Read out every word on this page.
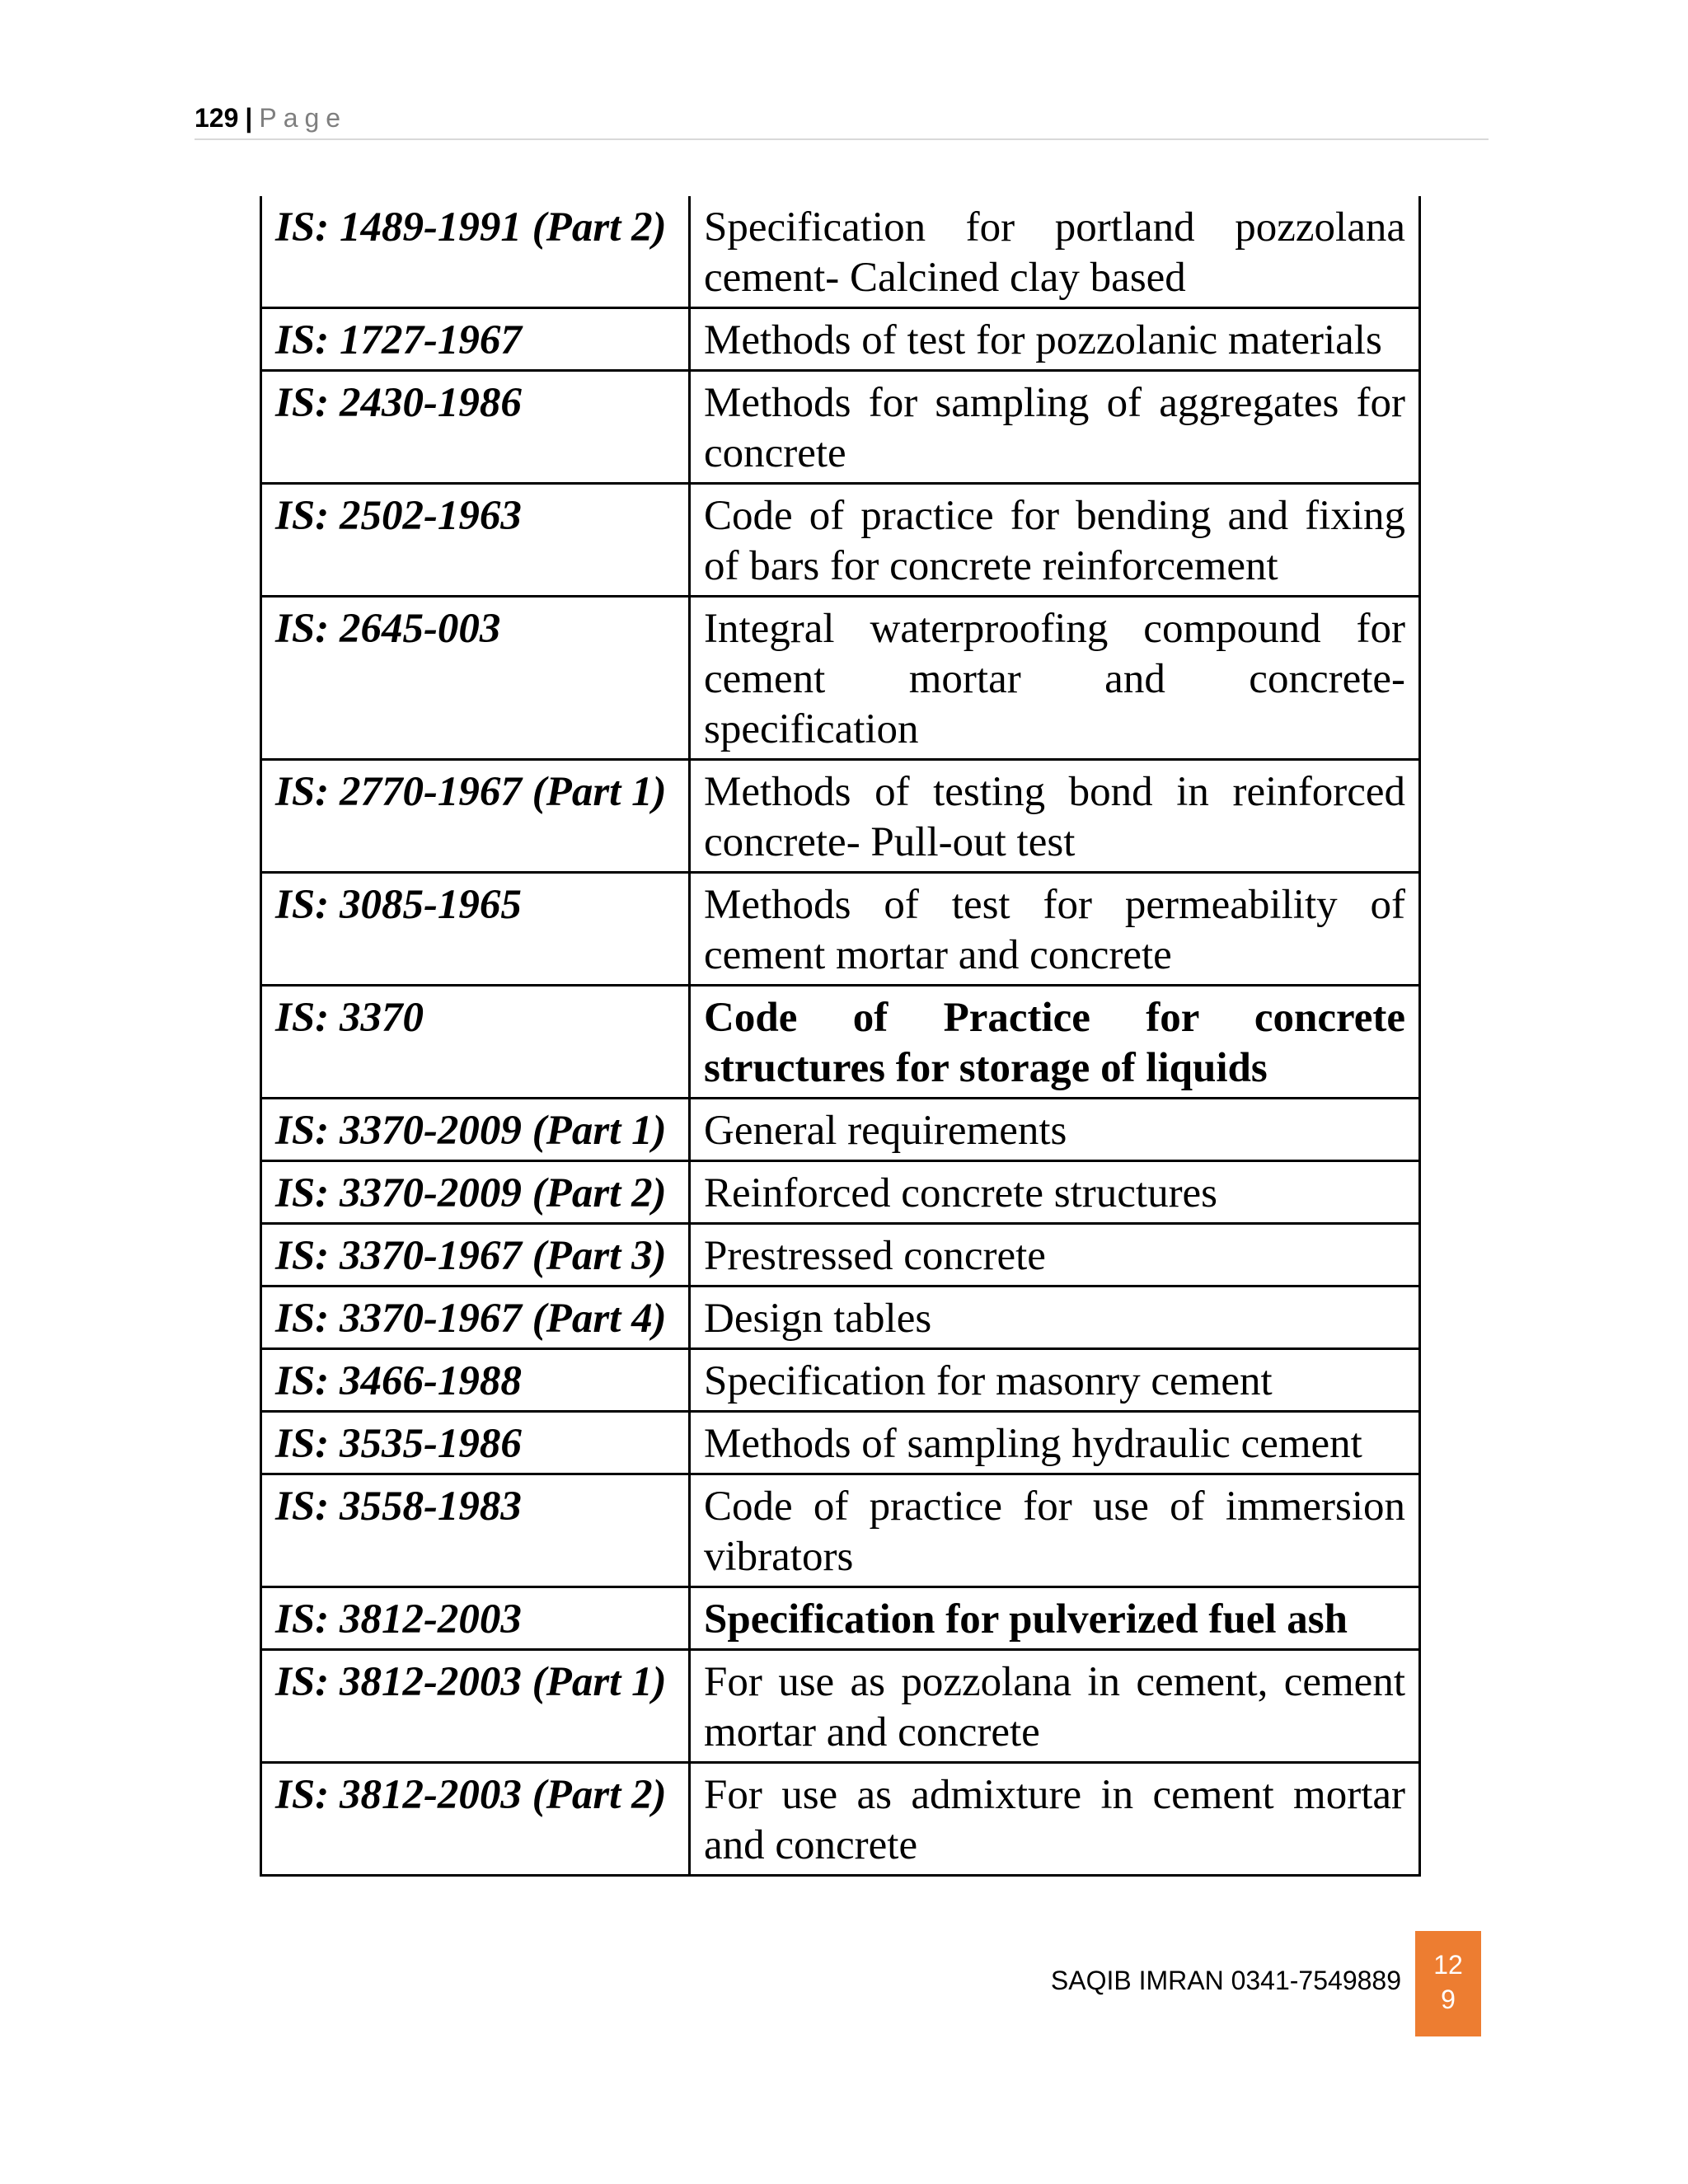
129 | Page
IS: 1489-1991 (Part 2)	Specification for portland pozzolana cement- Calcined clay based
IS: 1727-1967	Methods of test for pozzolanic materials
IS: 2430-1986	Methods for sampling of aggregates for concrete
IS: 2502-1963	Code of practice for bending and fixing of bars for concrete reinforcement
IS: 2645-003	Integral waterproofing compound for cement mortar and concrete- specification
IS: 2770-1967 (Part 1)	Methods of testing bond in reinforced concrete- Pull-out test
IS: 3085-1965	Methods of test for permeability of cement mortar and concrete
IS: 3370	Code of Practice for concrete structures for storage of liquids
IS: 3370-2009 (Part 1)	General requirements
IS: 3370-2009 (Part 2)	Reinforced concrete structures
IS: 3370-1967 (Part 3)	Prestressed concrete
IS: 3370-1967 (Part 4)	Design tables
IS: 3466-1988	Specification for masonry cement
IS: 3535-1986	Methods of sampling hydraulic cement
IS: 3558-1983	Code of practice for use of immersion vibrators
IS: 3812-2003	Specification for pulverized fuel ash
IS: 3812-2003 (Part 1)	For use as pozzolana in cement, cement mortar and concrete
IS: 3812-2003 (Part 2)	For use as admixture in cement mortar and concrete
SAQIB IMRAN 0341-7549889
12
9
